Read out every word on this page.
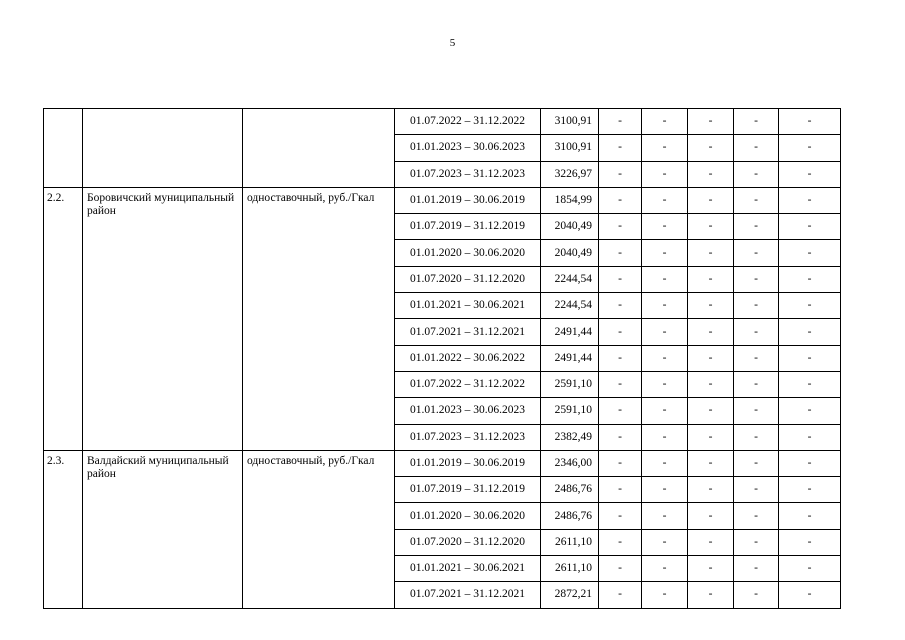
5
			01.07.2022 – 31.12.2022	3100,91	-	-	-	-	-
			01.01.2023 – 30.06.2023	3100,91	-	-	-	-	-
			01.07.2023 – 31.12.2023	3226,97	-	-	-	-	-
2.2.	Боровичский муниципальный район	одноставочный, руб./Гкал	01.01.2019 – 30.06.2019	1854,99	-	-	-	-	-
			01.07.2019 – 31.12.2019	2040,49	-	-	-	-	-
			01.01.2020 – 30.06.2020	2040,49	-	-	-	-	-
			01.07.2020 – 31.12.2020	2244,54	-	-	-	-	-
			01.01.2021 – 30.06.2021	2244,54	-	-	-	-	-
			01.07.2021 – 31.12.2021	2491,44	-	-	-	-	-
			01.01.2022 – 30.06.2022	2491,44	-	-	-	-	-
			01.07.2022 – 31.12.2022	2591,10	-	-	-	-	-
			01.01.2023 – 30.06.2023	2591,10	-	-	-	-	-
			01.07.2023 – 31.12.2023	2382,49	-	-	-	-	-
2.3.	Валдайский муниципальный район	одноставочный, руб./Гкал	01.01.2019 – 30.06.2019	2346,00	-	-	-	-	-
			01.07.2019 – 31.12.2019	2486,76	-	-	-	-	-
			01.01.2020 – 30.06.2020	2486,76	-	-	-	-	-
			01.07.2020 – 31.12.2020	2611,10	-	-	-	-	-
			01.01.2021 – 30.06.2021	2611,10	-	-	-	-	-
			01.07.2021 – 31.12.2021	2872,21	-	-	-	-	-
